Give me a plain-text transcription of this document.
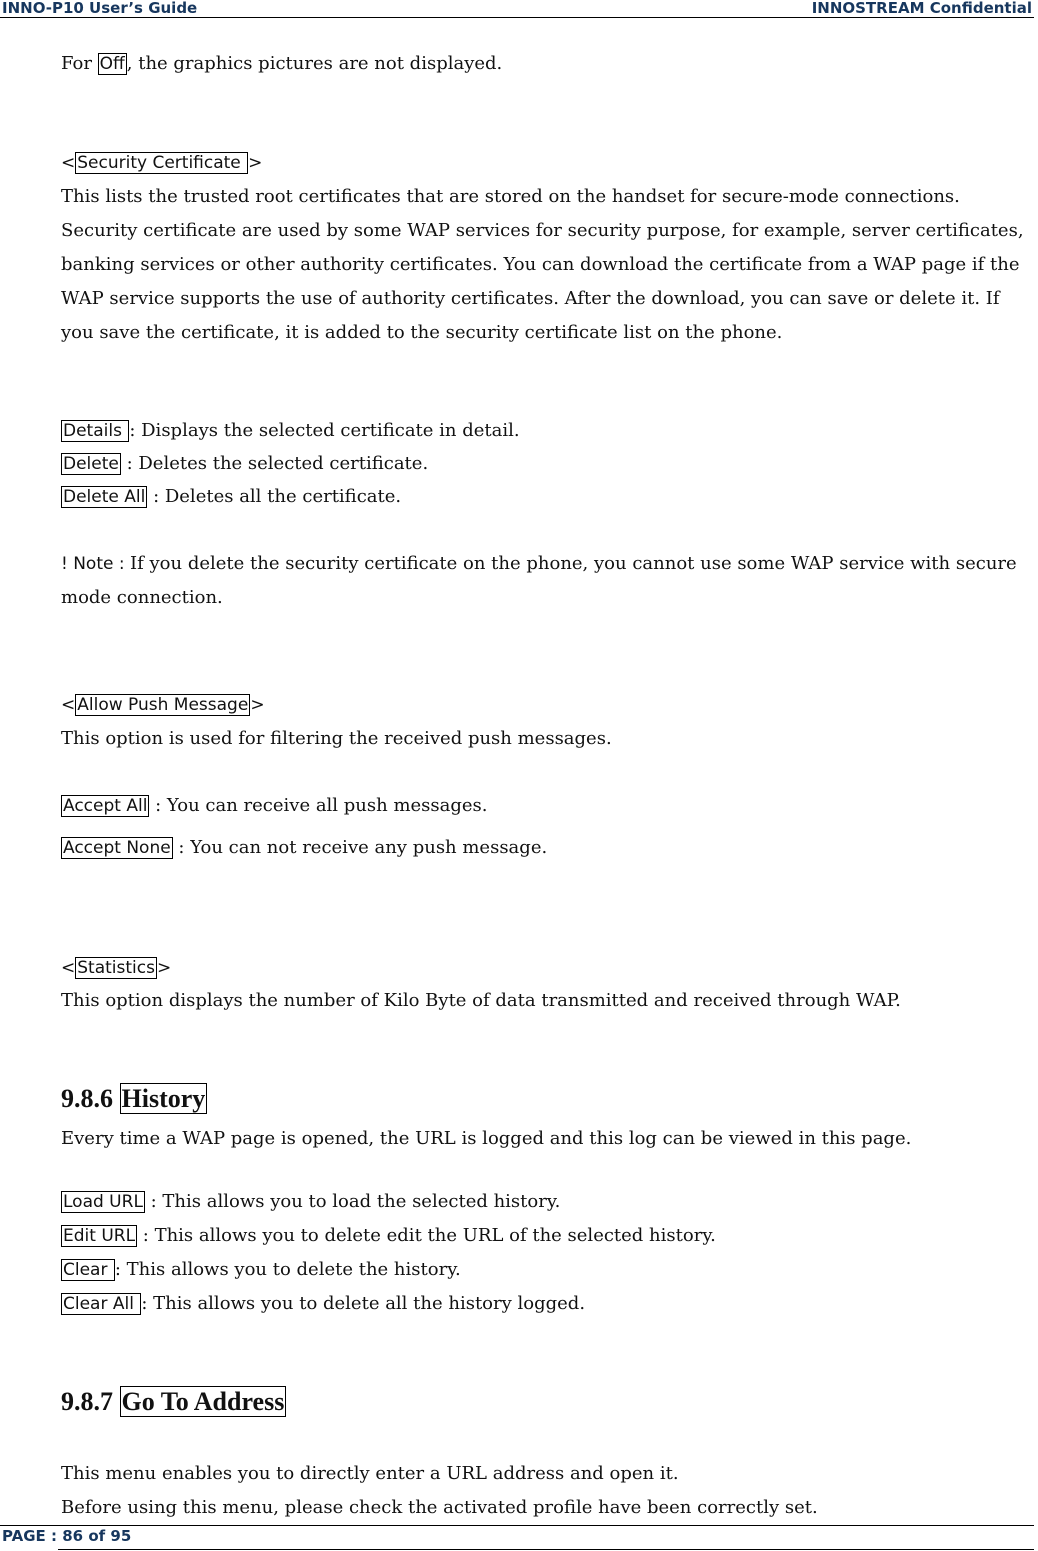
INNO-P10 User’s Guide	INNOSTREAM Confidential
For Off , the graphics pictures are not displayed.
< Security Certificate >
This lists the trusted root certificates that are stored on the handset for secure-mode connections. Security certificate are used by some WAP services for security purpose, for example, server certificates, banking services or other authority certificates. You can download the certificate from a WAP page if the WAP service supports the use of authority certificates. After the download, you can save or delete it. If you save the certificate, it is added to the security certificate list on the phone.
Details : Displays the selected certificate in detail.
Delete : Deletes the selected certificate.
Delete All : Deletes all the certificate.
! Note : If you delete the security certificate on the phone, you cannot use some WAP service with secure mode connection.
< Allow Push Message >
This option is used for filtering the received push messages.
Accept All : You can receive all push messages.
Accept None : You can not receive any push message.
< Statistics >
This option displays the number of Kilo Byte of data transmitted and received through WAP.
9.8.6 History
Every time a WAP page is opened, the URL is logged and this log can be viewed in this page.
Load URL : This allows you to load the selected history.
Edit URL : This allows you to delete edit the URL of the selected history.
Clear : This allows you to delete the history.
Clear All : This allows you to delete all the history logged.
9.8.7 Go To Address
This menu enables you to directly enter a URL address and open it.
Before using this menu, please check the activated profile have been correctly set.
PAGE : 86 of 95
